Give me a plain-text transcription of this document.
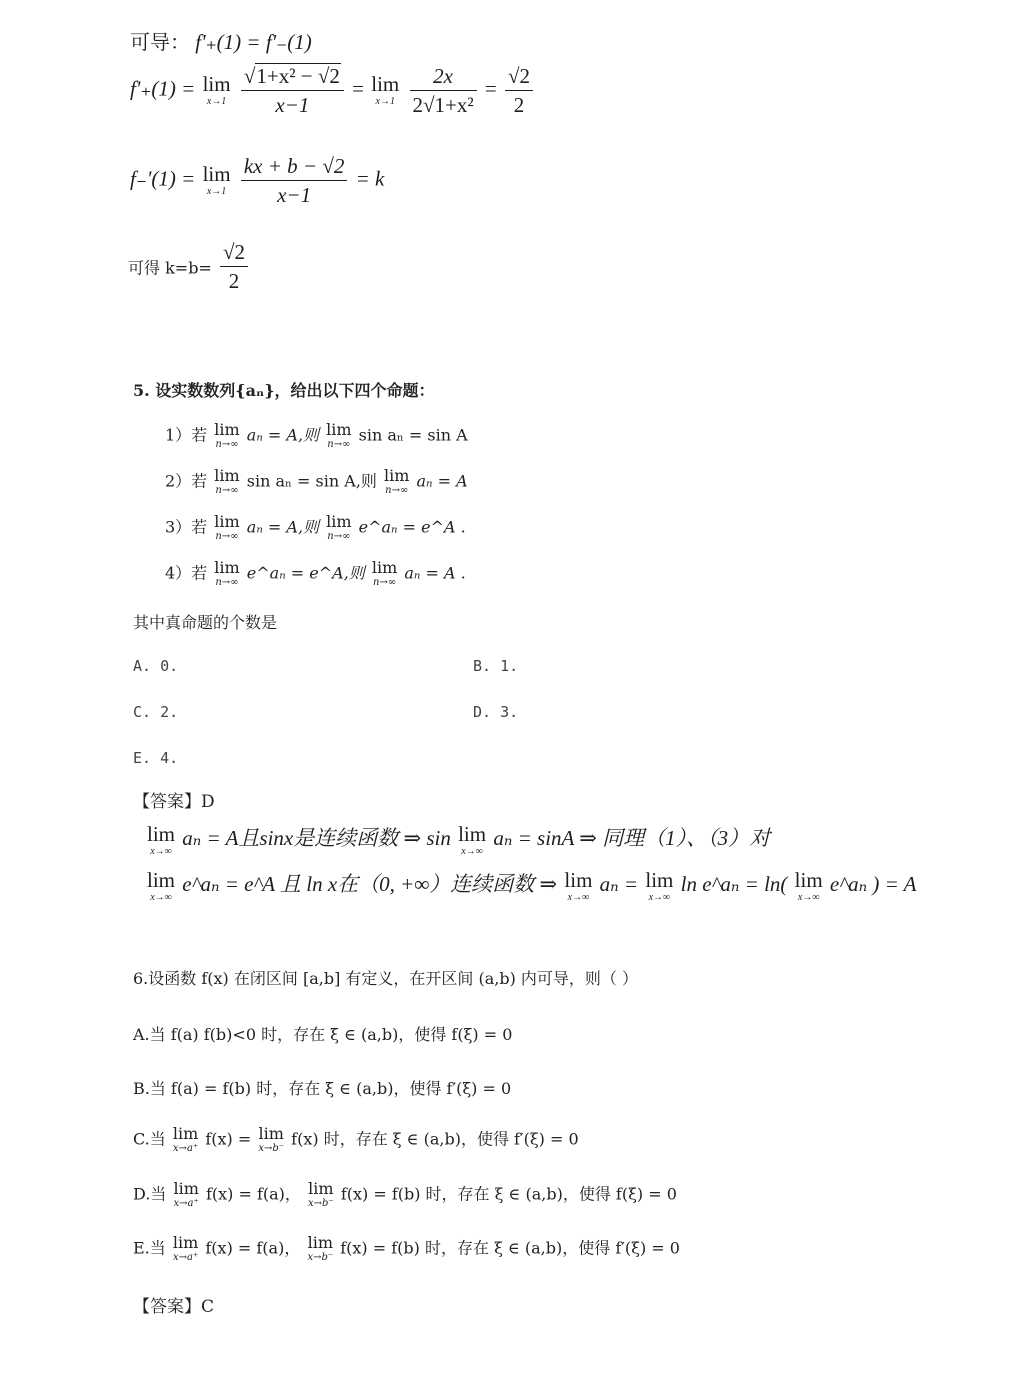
可导： f'₊(1) = f'₋(1)
f'₊(1) = lim
x→1
$\frac{\text{√1+x² − √2}}{x-1} = \lim$
x→1
$\frac{2x}{\text{2√1+x²}} = \frac{√2}{2}$
f₋'(1) = lim
x→1
$\frac{kx + b - √2}{x-1} = k$
可得 $k=b= \frac{√2}{2}$
5. 设实数数列{aₙ}，给出以下四个命题：
1）若 lim
n→∞ aₙ = A,则 lim
n→∞ sin aₙ = sin A
2）若 lim
n→∞ sin aₙ = sin A,则 lim
n→∞ aₙ = A
3）若 lim
n→∞ aₙ = A,则 lim
n→∞ e^aₙ = e^A .
4）若 lim
n→∞ e^aₙ = e^A,则 lim
n→∞ aₙ = A .
其中真命题的个数是
A. 0.	B. 1.
C. 2.	D. 3.
E. 4.
【答案】D
lim
x→∞
aₙ = A且sinx是连续函数 ⇒ sin lim
x→∞
aₙ = sinA ⇒ 同理（1）、（3）对
lim
x→∞
e^aₙ = e^A 且 ln x在（0, +∞）连续函数 ⇒ lim
x→∞
aₙ = lim
x→∞
ln e^aₙ = ln( lim
x→∞
e^aₙ ) = A
6.设函数 f(x) 在闭区间 [a,b] 有定义，在开区间 (a,b) 内可导，则（ ）
A.当 f(a) f(b)<0 时，存在 ξ ∈ (a,b)，使得 f(ξ) = 0
B.当 f(a) = f(b) 时，存在 ξ ∈ (a,b)，使得 f′(ξ) = 0
C.当 lim
x→a⁺ f(x) = lim
x→b⁻ f(x) 时，存在 ξ ∈ (a,b)，使得 f′(ξ) = 0
D.当 lim
x→a⁺ f(x) = f(a)， lim
x→b⁻ f(x) = f(b) 时，存在 ξ ∈ (a,b)，使得 f(ξ) = 0
E.当 lim
x→a⁺ f(x) = f(a)， lim
x→b⁻ f(x) = f(b) 时，存在 ξ ∈ (a,b)，使得 f′(ξ) = 0
【答案】C
